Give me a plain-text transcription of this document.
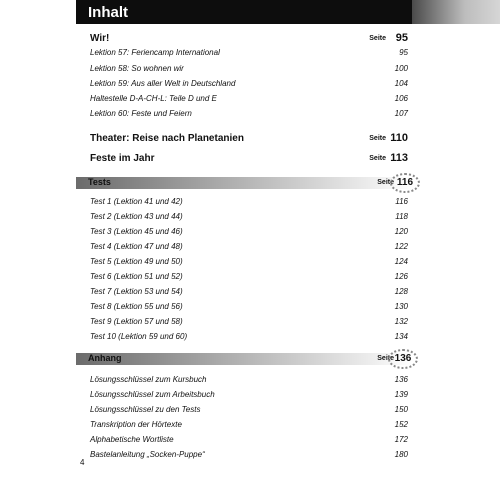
Inhalt
Wir!	Seite 95
Lektion 57: Feriencamp International	95
Lektion 58: So wohnen wir	100
Lektion 59: Aus aller Welt in Deutschland	104
Haltestelle D-A-CH-L: Teile D und E	106
Lektion 60: Feste und Feiern	107
Theater: Reise nach Planetanien	Seite 110
Feste im Jahr	Seite 113
Tests	Seite 116
Test 1 (Lektion 41 und 42)	116
Test 2 (Lektion 43 und 44)	118
Test 3 (Lektion 45 und 46)	120
Test 4 (Lektion 47 und 48)	122
Test 5 (Lektion 49 und 50)	124
Test 6 (Lektion 51 und 52)	126
Test 7 (Lektion 53 und 54)	128
Test 8 (Lektion 55 und 56)	130
Test 9 (Lektion 57 und 58)	132
Test 10 (Lektion 59 und 60)	134
Anhang	Seite 136
Lösungsschlüssel zum Kursbuch	136
Lösungsschlüssel zum Arbeitsbuch	139
Lösungsschlüssel zu den Tests	150
Transkription der Hörtexte	152
Alphabetische Wortliste	172
Bastelanleitung „Socken-Puppe“	180
4
